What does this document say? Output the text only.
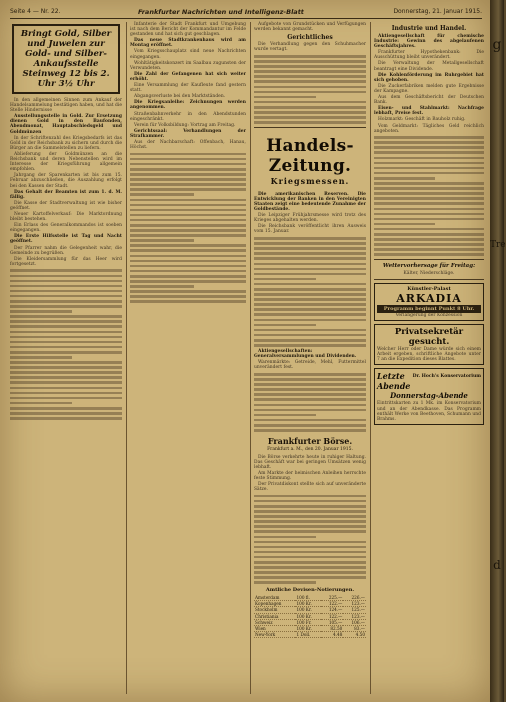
Seite 4 — Nr. 22.	Frankfurter Nachrichten und Intelligenz-Blatt	Donnerstag, 21. Januar 1915.
Bringt Gold, Silber und Juwelen zur Gold- und Silber-Ankaufsstelle Steinweg 12 bis 2. Uhr 3½ Uhr

In den allgemeinen Sinnen zum Ankauf der Handelsammelung bestätigen haben, und hat die Stelle Hindernisse

Ausstellungsstelle in Gold. Zur Ersetzung dienen Gold in den Baufonden, Abendmonat, Hauptabschiedsgeld und Goldmünzen

In der Schriftenzahl des Kriegsbedarfs ist das Gold in der Reichsbank zu sichern und durch die Bürger an die Sammelstellen zu liefern.

Ablieferung der Goldmünzen an die Reichsbank und deren Nebenstellen wird im Interesse der Kriegsführung allgemein empfohlen.

Jahrgang der Sparenkarten ist bis zum 15. Februar abzuschließen, die Auszahlung erfolgt bei den Kassen der Stadt.

Das Gehalt der Beamten ist zum 1. d. M. fällig.

Die Kasse der Stadtverwaltung ist wie bisher geöffnet.

Neuer Kartoffelverkauf: Die Marktordnung bleibt bestehen.

Ein Erlass des Generalkommandos ist soeben eingegangen.

Die Erste Hilfsstelle ist Tag und Nacht geöffnet.

Der Pfarrer nahm die Gelegenheit wahr, die Gemeinde zu begrüßen.

Die Kleidersammlung für das Heer wird fortgesetzt.

Infanterie der Stadt Frankfurt und Umgebung ist nach dem Bericht der Kommandantur im Felde gestanden und hat sich gut geschlagen.

Das neue Stadtkrankenhaus wird am Montag eröffnet.

Vom Kriegsschauplatz sind neue Nachrichten eingegangen.

Wohltätigkeitskonzert im Saalbau zugunsten der Verwundeten.

Die Zahl der Gefangenen hat sich weiter erhöht.

Eine Versammlung der Kaufleute fand gestern statt.

Abgangsverluste bei den Marktständen.

Die Kriegsanleihe: Zeichnungen werden angenommen.

Straßenbahnverkehr in den Abendstunden eingeschränkt.

Verein für Volksbildung: Vortrag am Freitag.

Gerichtssaal: Verhandlungen der Strafkammer.

Aus der Nachbarschaft: Offenbach, Hanau, Höchst.

Aufgebote von Grundstücken und Verfügungen werden bekannt gemacht.

Gerichtliches

Die Verhandlung gegen den Schuhmacher wurde vertagt.

Handels-Zeitung.
Kriegsmessen.

Die amerikanischen Reserven. Die Entwicklung der Banken in den Vereinigten Staaten zeigt eine bedeutende Zunahme der Goldbestände.

Die Leipziger Frühjahrsmesse wird trotz des Krieges abgehalten werden.

Die Reichsbank veröffentlicht ihren Ausweis vom 15. Januar.

Aktiengesellschaften: Generalversammlungen und Dividenden.

Warenmärkte: Getreide, Mehl, Futtermittel unverändert fest.

Frankfurter Börse.
Frankfurt a. M., den 20. Januar 1915.

Die Börse verkehrte heute in ruhiger Haltung. Das Geschäft war bei geringen Umsätzen wenig lebhaft.

Am Markte der heimischen Anleihen herrschte feste Stimmung.

Der Privatdiskont stellte sich auf unveränderte Sätze.

Amtliche Devisen-Notierungen.
Amsterdam	100 fl.	225.—	226.—
Kopenhagen	100 Kr.	122.—	123.—
Stockholm	100 Kr.	124.—	125.—
Christiania	100 Kr.	122.—	123.—
Schweiz	100 Fr.	105.—	106.—
Wien	100 Kr.	82.50	83.—
New-York	1 Doll.	4.48	4.50
Industrie und Handel.

Aktiengesellschaft für chemische Industrie: Gewinn des abgelaufenen Geschäftsjahres.

Frankfurter Hypothekenbank: Die Ausschüttung bleibt unverändert.

Die Verwaltung der Metallgesellschaft beantragt eine Dividende.

Die Kohlenförderung im Ruhrgebiet hat sich gehoben.

Die Zuckerfabriken melden gute Ergebnisse der Kampagne.

Aus dem Geschäftsbericht der Deutschen Bank.

Eisen- und Stahlmarkt: Nachfrage lebhaft, Preise fest.

Holzmarkt: Geschäft in Bauholz ruhig.

Vom Geldmarkt: Tägliches Geld reichlich angeboten.

Wettervorhersage für Freitag:
Kälter, Niederschläge.
Künstler-Palast
ARKADIA
Programm beginnt Punkt 8 Uhr.
Verlängerung der Konzession
Privatsekretär gesucht.
Welcher Herr oder Dame würde sich einem Arbeit ergeben, schriftliche Angebote unter 7 an die Expedition dieses Blattes.
Letzte Dr. Hoch's Konservatorium
Abende
Donnerstag-Abende
Eintrittskarten zu 1 Mk. im Konservatorium und an der Abendkasse. Das Programm enthält Werke von Beethoven, Schumann und Brahms.
g
Tre
d
